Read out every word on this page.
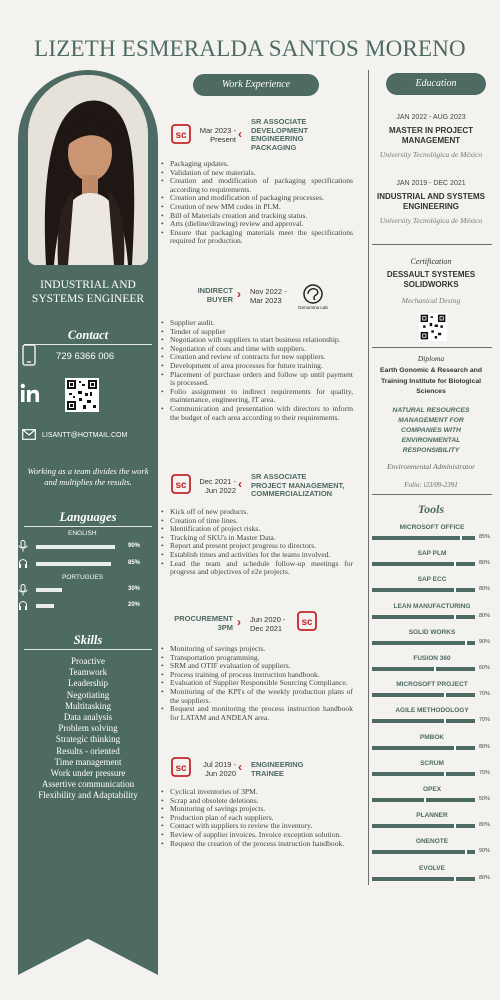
LIZETH ESMERALDA SANTOS MORENO
INDUSTRIAL AND SYSTEMS ENGINEER
Contact
729 6366 006
LISANTT@HOTMAIL.COM
Working as a team divides the work and multiplies the results.
Languages
ENGLISH
PORTUGUES
90%
85%
30%
20%
Skills
Proactive
Teamwork
Leadership
Negotiating
Multitasking
Data analysis
Problem solving
Strategic thinking
Results - oriented
Time management
Work under pressure
Assertive communication
Flexibility and Adaptability
Work Experience
sc Mar 2023 -
Present ‹
SR ASSOCIATE
DEVELOPMENT
ENGINEERING
PACKAGING
• Packaging updates.
• Validation of new materials.
• Creation and modification of packaging specifications according to requirements.
• Creation and modification of packaging processes.
• Creation of new MM codes in PLM.
• Bill of Materials creation and tracking status.
• Arts (dieline/drawing) review and approval.
• Ensure that packaging materials meet the specifications required for production.
INDIRECT
BUYER › Nov 2022 -
Mar 2023
Genomma Lab
• Supplier audit.
• Tender of supplier
• Negotiation with suppliers to start business relationship.
• Negotiation of costs and time with suppliers.
• Creation and review of contracts for new suppliers.
• Development of area processes for future training.
• Placement of purchase orders and follow up until payment is processed.
• Folio assignment to indirect requirements for quality, maintenance, engineering, IT area.
• Communication and presentation with directors to inform the budget of each area according to their requirements.
sc Dec 2021 -
Jun 2022 ‹
SR ASSOCIATE
PROJECT MANAGEMENT,
COMMERCIALIZATION
• Kick off of new products.
• Creation of time lines.
• Identification of project risks.
• Tracking of SKU's in Master Data.
• Report and present project progress to directors.
• Establish times and activities for the teams involved.
• Lead the team and schedule follow-up meetings for progress and objectives of e2e projects.
PROCUREMENT
3PM › Jun 2020 -
Dec 2021
sc
• Monitoring of savings projects.
• Transportation programming.
• SRM and OTIF evaluation of suppliers.
• Process training of process instruction handbook.
• Evaluation of Supplier Responsible Sourcing Compliance.
• Monitoring of the KPI's of the weekly production plans of the suppliers.
• Request and monitoring the process instruction handbook for LATAM and ANDEAN area.
sc	Jul 2019 -
Jun 2020 ‹ ENGINEERING
TRAINEE
• Cyclical inventories of 3PM.
• Scrap and obsolete deletions.
• Monitoring of savings projects.
• Production plan of each suppliers.
• Contact with suppliers to review the inventory.
• Review of supplier invoices. Invoice exception solution.
• Request the creation of the process instruction handbook.
Education
JAN 2022 - AUG 2023
MASTER IN PROJECT MANAGEMENT
University Tecnológica de México
JAN 2019 - DEC 2021
INDUSTRIAL AND SYSTEMS ENGINEERING
University Tecnológica de México
Certification
DESSAULT SYSTEMES SOLIDWORKS
Mechanical Desing
Diploma
Earth Gonomic & Research and Training Institute for Biological Sciences
NATURAL RESOURCES MANAGEMENT FOR COMPANIES WITH ENVIRONMENTAL RESPONSIBILITY
Environmental Administrator
Folio: i23/09-2391
Tools
MICROSOFT OFFICE
85%
SAP PLM
80%
SAP ECC
80%
LEAN MANUFACTURING
80%
SOLID WORKS
90%
FUSION 360
60%
MICROSOFT PROJECT
70%
AGILE METHODOLOGY
70%
PMBOK
80%
SCRUM
70%
OPEX
50%
PLANNER
80%
ONENOTE
90%
EVOLVE
80%
